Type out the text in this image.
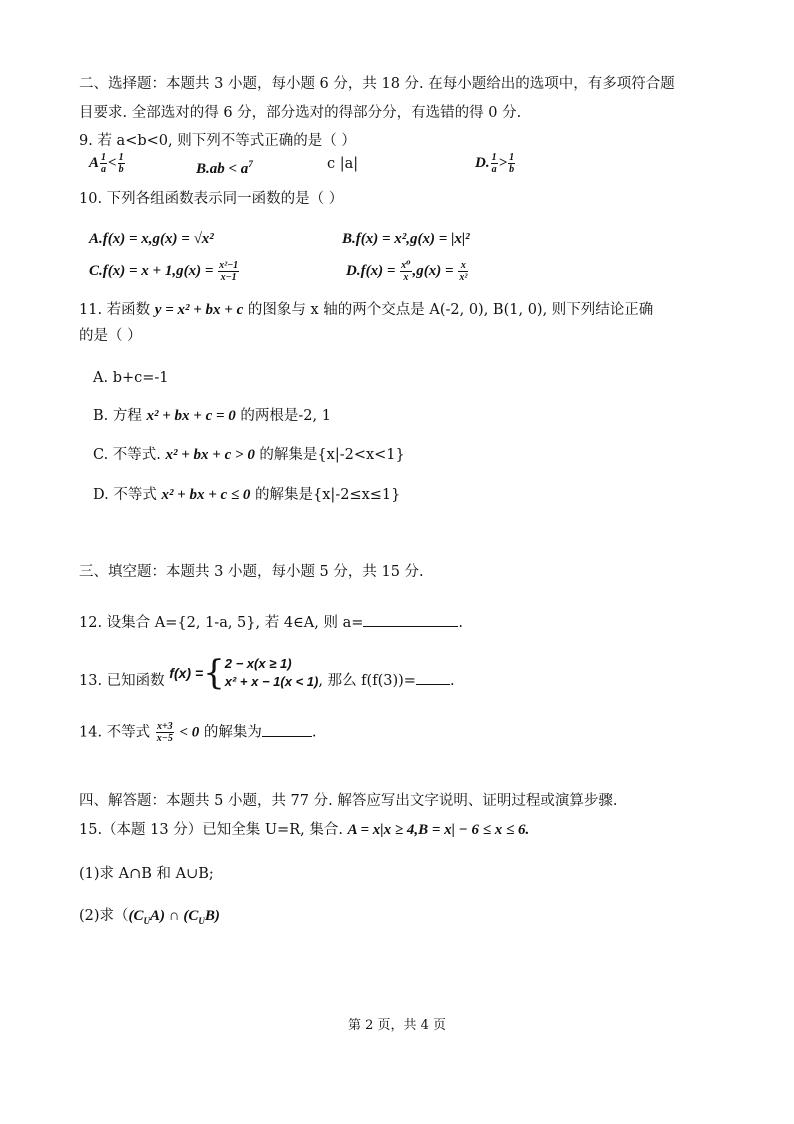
二、选择题：本题共 3 小题，每小题 6 分，共 18 分. 在每小题给出的选项中，有多项符合题
目要求. 全部选对的得 6 分，部分选对的得部分分，有选错的得 0 分.
9. 若 a<b<0, 则下列不等式正确的是（ ）
A $\frac{1}{a} < \frac{1}{b}$	$B.ab < a^7$	c |a|	D. $\frac{1}{a} > \frac{1}{b}$
10. 下列各组函数表示同一函数的是（ ）
A.f(x) = x,g(x) = √x²	B.f(x) = x²,g(x) = |x|²
$C.f(x) = x + 1,g(x) = \frac{\text{x²−1}}{x-1}$	$D.f(x) = \frac{\text{x⁰}}{x} ,g(x) = \frac{x}{\text{x²}}$
11. 若函数 y = x² + bx + c 的图象与 x 轴的两个交点是 A(-2, 0), B(1, 0), 则下列结论正确
的是（ ）
A. b+c=-1
B. 方程 x² + bx + c = 0 的两根是-2, 1
C. 不等式. x² + bx + c > 0 的解集是{x|-2<x<1}
D. 不等式 x² + bx + c ≤ 0 的解集是{x|-2≤x≤1}
三、填空题：本题共 3 小题，每小题 5 分，共 15 分.
12. 设集合 A={2, 1-a, 5}, 若 4∈A, 则 a=	.
13. 已知函数 f(x) ={ 2 − x(x ≥ 1)
x² + x − 1(x < 1) , 那么 f(f(3))= .
14. 不等式 $\frac{x+3}{x-5} < 0$ 的解集为	.
四、解答题：本题共 5 小题，共 77 分. 解答应写出文字说明、证明过程或演算步骤.
15.（本题 13 分）已知全集 U=R, 集合. A = x|x ≥ 4,B = x| − 6 ≤ x ≤ 6.
(1)求 A∩B 和 A∪B;
(2)求（$(C_UA)$ ∩ $(C_UB)$
第 2 页，共 4 页
